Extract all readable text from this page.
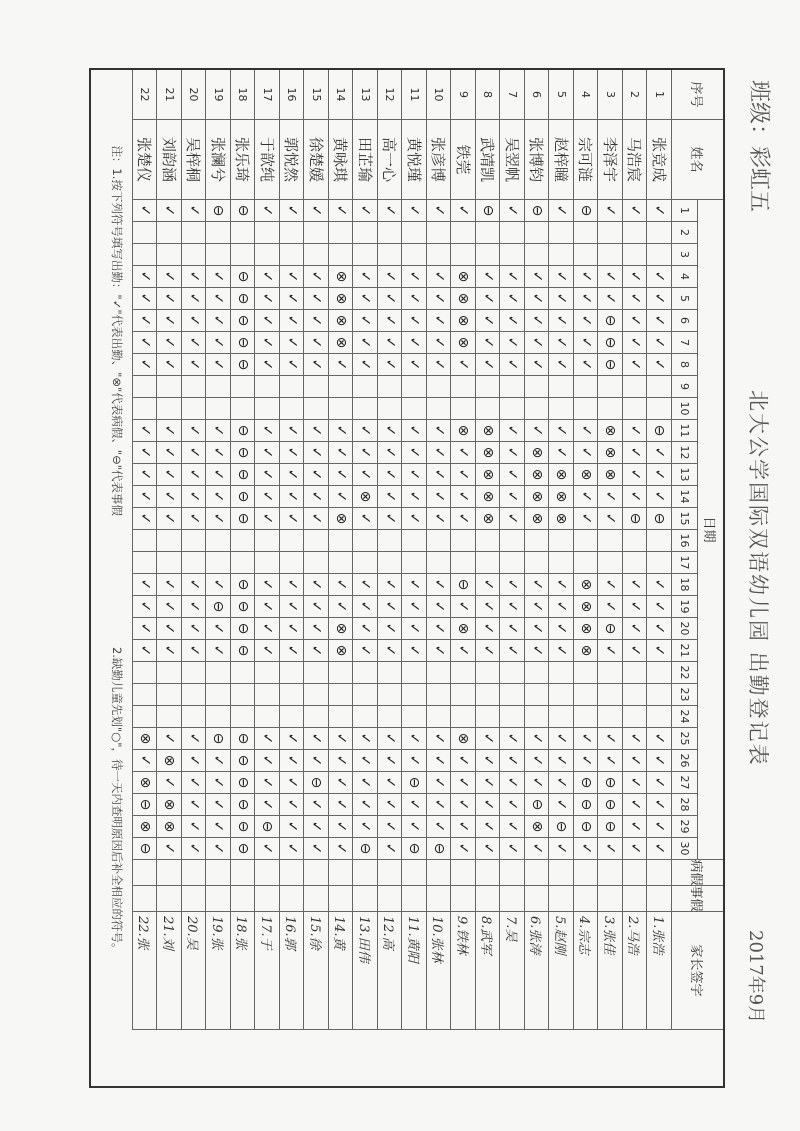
班级：彩虹五
北大公学国际双语幼儿园 出勤登记表
2017年9月
序号
姓名
日期
病假
事假
家长签字
1
2
3
4
5
6
7
8
9
10
11
12
13
14
15
16
17
18
19
20
21
22
23
24
25
26
27
28
29
30
注：1.按下列符号填写出勤："✓"代表出勤、"⊗"代表病假、"⊖"代表事假
2.缺勤儿童先划"○"，待一天内查明原因后补全相应的符号。
1
张竞成
✓
✓
✓
✓
✓
✓
⊖
✓
✓
✓
⊖
✓
✓
✓
✓
✓
✓
✓
✓
✓
✓
1.张浩
2
马浩宸
✓
✓
✓
✓
✓
✓
✓
✓
✓
✓
⊖
✓
✓
✓
✓
✓
✓
✓
✓
✓
✓
2.马浩
3
李泽宇
✓
✓
✓
⊖
⊖
⊖
⊗
⊗
⊗
✓
✓
✓
✓
⊖
✓
✓
✓
⊖
⊖
⊖
✓
3.张佳
4
宗可涟
⊖
✓
✓
✓
✓
✓
✓
✓
⊗
✓
✓
⊗
⊗
⊗
⊗
✓
✓
⊖
⊖
⊖
✓
4.宗志
5
赵梓瞳
✓
✓
✓
✓
✓
✓
✓
✓
⊗
⊗
⊗
✓
✓
✓
✓
✓
✓
✓
✓
⊖
✓
5.赵刚
6
张博钧
⊖
✓
✓
✓
✓
✓
✓
⊗
⊗
⊗
⊗
✓
✓
✓
✓
✓
✓
✓
⊖
⊗
✓
6.张涛
7
吴翌帆
✓
✓
✓
✓
✓
✓
✓
✓
✓
✓
✓
✓
✓
✓
✓
✓
✓
✓
✓
✓
✓
7.吴
8
武靖凯
⊖
✓
✓
✓
✓
✓
⊗
⊗
⊗
⊗
⊗
✓
✓
✓
✓
✓
✓
✓
✓
✓
✓
8.武军
9
铁莞
✓
⊗
⊗
⊗
⊗
✓
⊗
✓
✓
✓
✓
⊖
✓
⊗
✓
⊗
✓
✓
✓
✓
✓
9.铁林
10
张彦博
✓
✓
✓
✓
✓
✓
✓
✓
✓
✓
✓
✓
✓
✓
✓
✓
✓
✓
✓
✓
⊖
10.张林
11
黄悦瑾
✓
✓
✓
✓
✓
✓
✓
✓
✓
✓
✓
✓
✓
✓
✓
✓
✓
⊖
✓
✓
⊖
11.黄阳
12
高一心
✓
✓
✓
✓
✓
✓
✓
✓
✓
✓
✓
✓
✓
✓
✓
✓
✓
✓
✓
✓
✓
12.高
13
田芷瑜
✓
✓
✓
✓
✓
✓
✓
✓
✓
⊗
✓
✓
✓
✓
✓
✓
✓
✓
✓
✓
⊖
13.田伟
14
黄咏琪
✓
⊗
⊗
⊗
⊗
✓
✓
✓
✓
✓
⊗
✓
✓
⊗
⊗
✓
✓
✓
✓
✓
✓
14.黄
15
徐楚媛
✓
✓
✓
✓
✓
✓
✓
✓
✓
✓
✓
✓
✓
✓
✓
✓
✓
⊖
✓
✓
✓
15.徐
16
郭悦然
✓
✓
✓
✓
✓
✓
✓
✓
✓
✓
✓
✓
✓
✓
✓
✓
✓
✓
✓
✓
✓
16.郭
17
于歆纯
✓
✓
✓
✓
✓
✓
✓
✓
✓
✓
✓
✓
✓
✓
✓
✓
✓
✓
✓
⊖
✓
17.于
18
张乐琦
⊖
⊖
⊖
⊖
⊖
⊖
⊖
⊖
⊖
⊖
⊖
⊖
⊖
⊖
⊖
⊖
⊖
⊖
⊖
⊖
⊖
18.张
19
张澜兮
⊖
✓
✓
✓
✓
✓
✓
✓
✓
✓
✓
✓
⊖
✓
✓
⊖
✓
✓
✓
✓
✓
19.张
20
吴梓桐
✓
✓
✓
✓
✓
✓
✓
✓
✓
✓
✓
✓
✓
✓
✓
✓
✓
✓
✓
✓
✓
20.吴
21
刘韵涵
✓
✓
✓
✓
✓
✓
✓
✓
✓
✓
✓
✓
✓
✓
✓
✓
⊗
✓
⊗
⊗
✓
21.刘
22
张楚仪
✓
✓
✓
✓
✓
✓
✓
✓
✓
✓
✓
✓
✓
✓
✓
⊗
✓
⊗
⊖
⊗
⊖
22.张
